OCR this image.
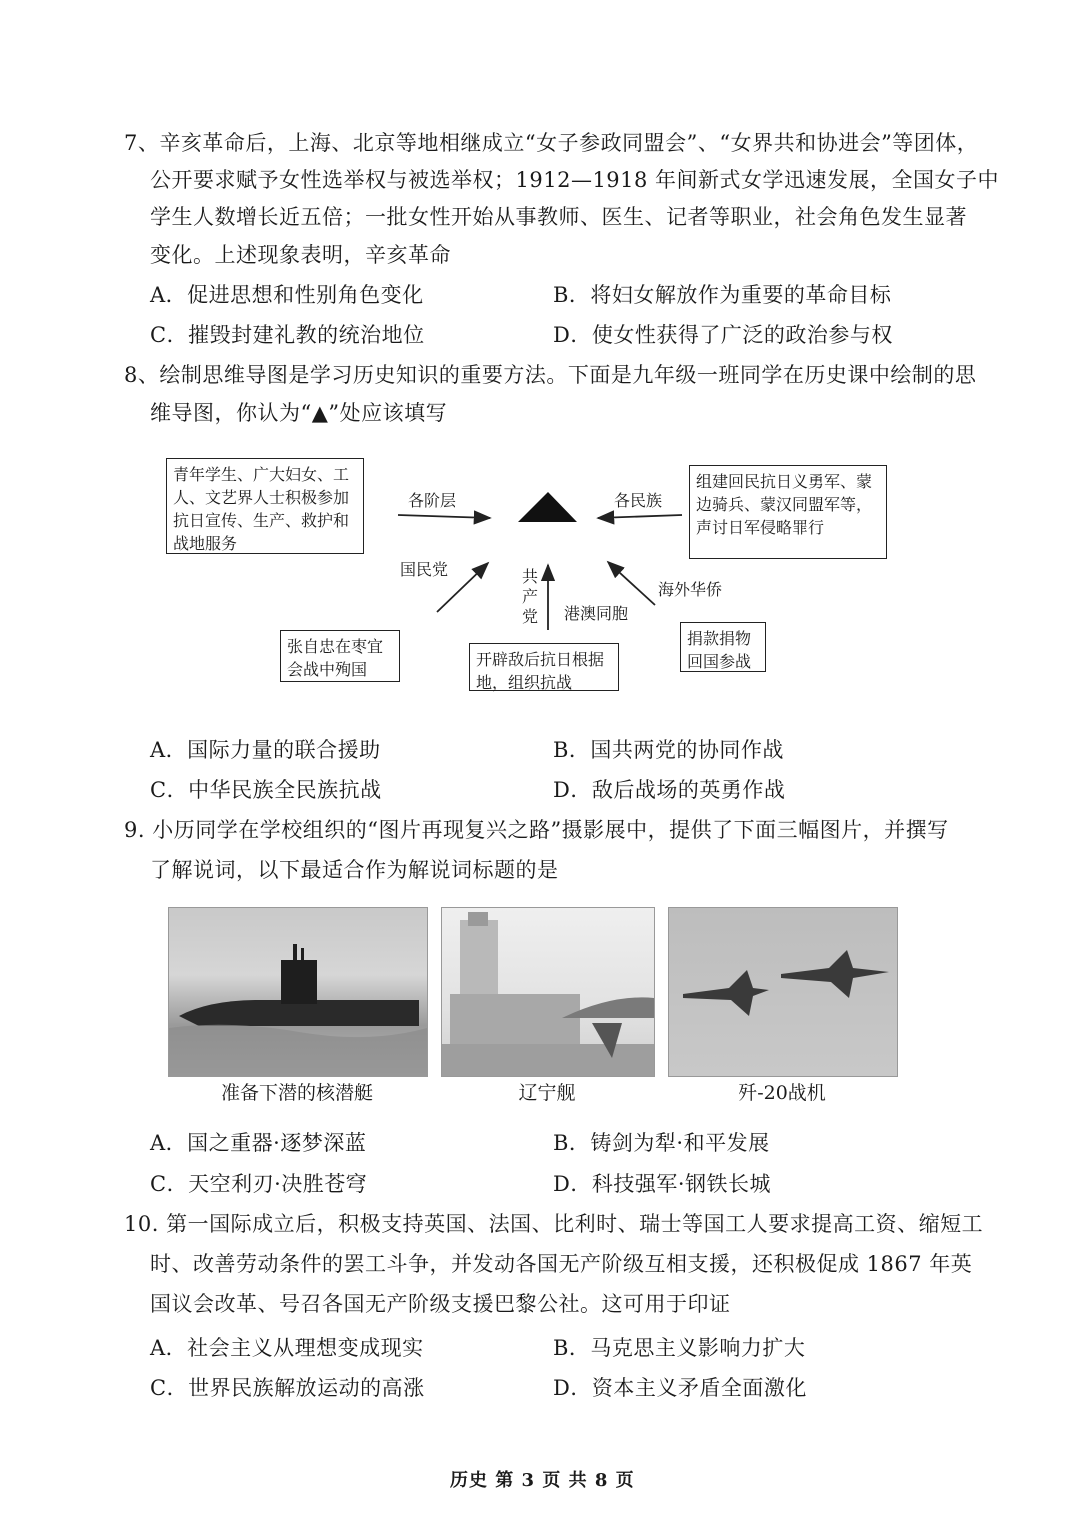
7、辛亥革命后，上海、北京等地相继成立“女子参政同盟会”、“女界共和协进会”等团体，
公开要求赋予女性选举权与被选举权；1912—1918 年间新式女学迅速发展，全国女子中
学生人数增长近五倍；一批女性开始从事教师、医生、记者等职业，社会角色发生显著
变化。上述现象表明，辛亥革命
A．促进思想和性别角色变化	B．将妇女解放作为重要的革命目标
C．摧毁封建礼教的统治地位	D．使女性获得了广泛的政治参与权
8、绘制思维导图是学习历史知识的重要方法。下面是九年级一班同学在历史课中绘制的思
维导图，你认为“▲”处应该填写
青年学生、广大妇女、工人、文艺界人士积极参加抗日宣传、生产、救护和战地服务
组建回民抗日义勇军、蒙边骑兵、蒙汉同盟军等，声讨日军侵略罪行
张自忠在枣宜会战中殉国
开辟敌后抗日根据地，组织抗战
捐款捐物回国参战
各阶层	各民族
国民党	共产党 港澳同胞
海外华侨
A．国际力量的联合援助	B．国共两党的协同作战
C．中华民族全民族抗战	D．敌后战场的英勇作战
9. 小历同学在学校组织的“图片再现复兴之路”摄影展中，提供了下面三幅图片，并撰写
了解说词，以下最适合作为解说词标题的是
准备下潜的核潜艇	辽宁舰	歼-20战机
A．国之重器·逐梦深蓝	B．铸剑为犁·和平发展
C．天空利刃·决胜苍穹	D．科技强军·钢铁长城
10. 第一国际成立后，积极支持英国、法国、比利时、瑞士等国工人要求提高工资、缩短工
时、改善劳动条件的罢工斗争，并发动各国无产阶级互相支援，还积极促成 1867 年英
国议会改革、号召各国无产阶级支援巴黎公社。这可用于印证
A．社会主义从理想变成现实	B．马克思主义影响力扩大
C．世界民族解放运动的高涨	D．资本主义矛盾全面激化
历史 第 3 页 共 8 页
